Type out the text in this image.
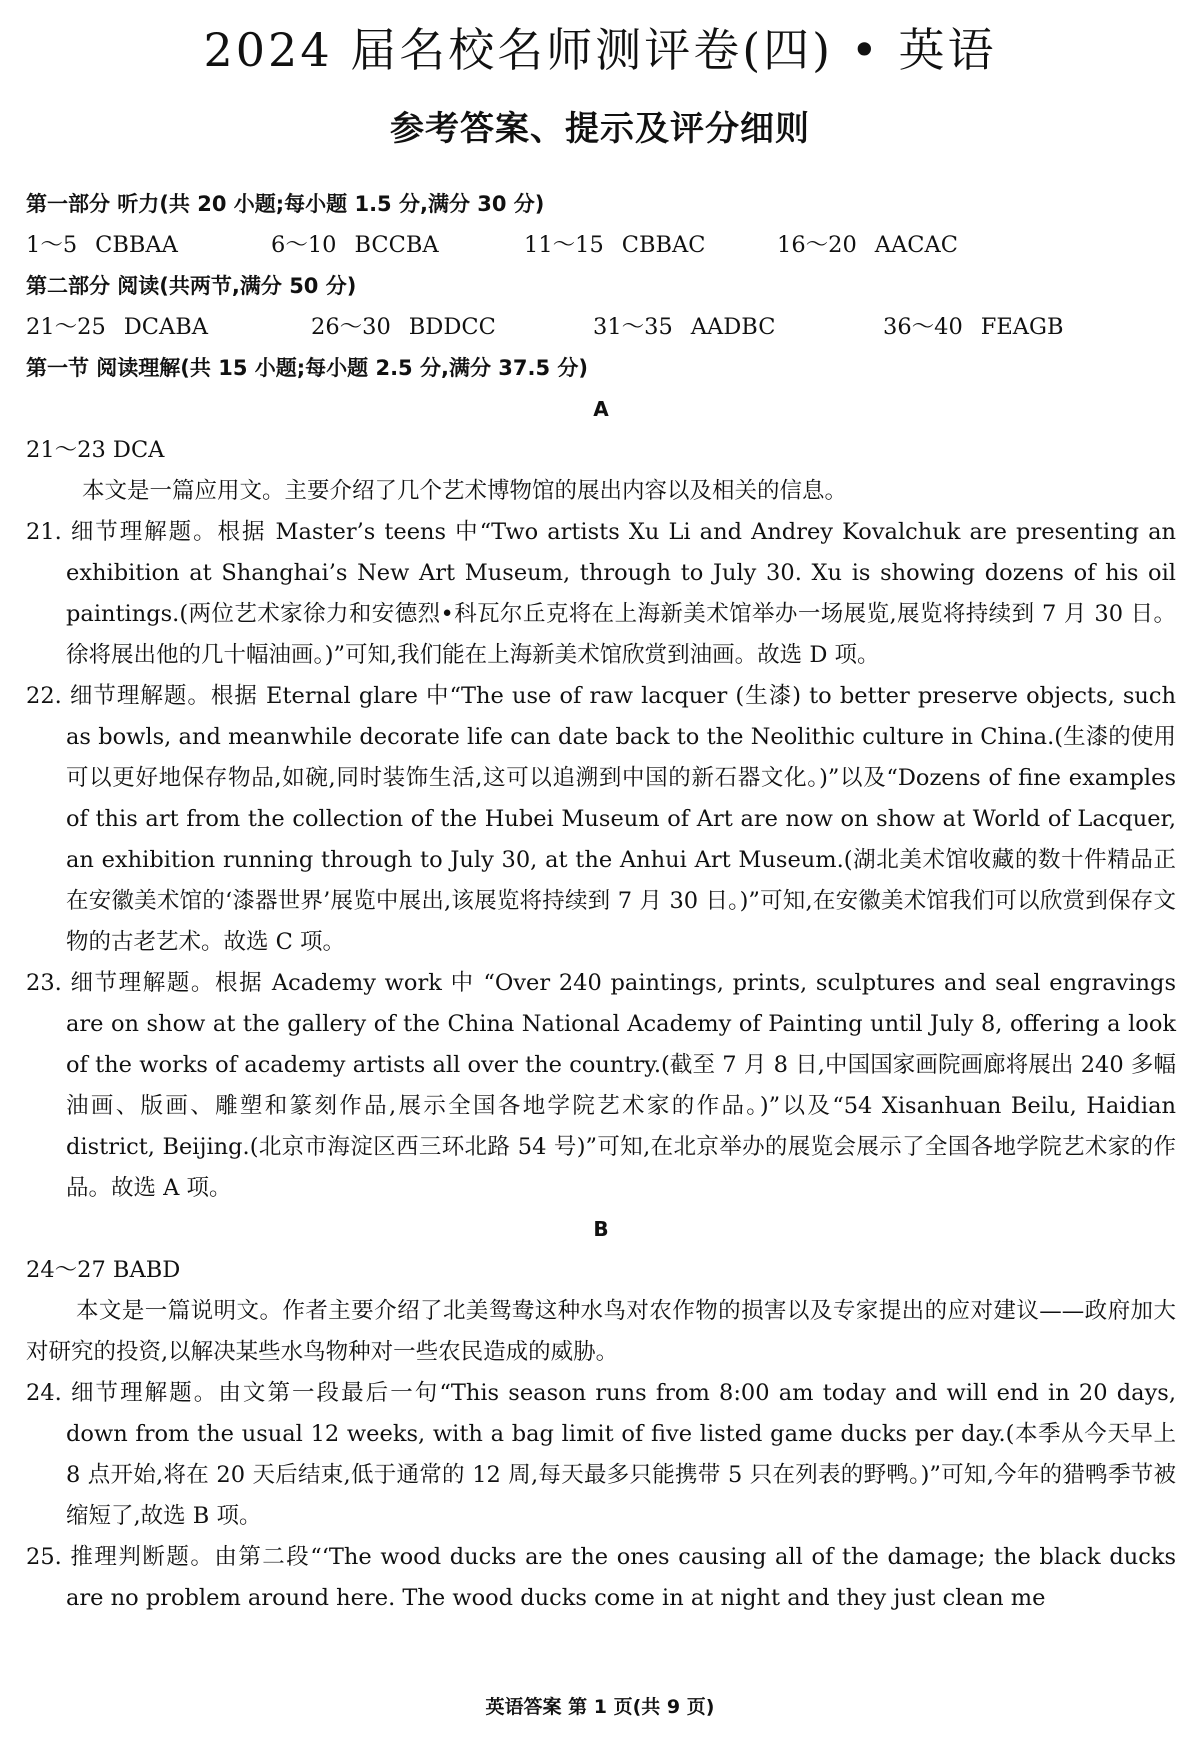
2024 届名校名师测评卷(四) • 英语
参考答案、提示及评分细则
第一部分 听力(共 20 小题;每小题 1.5 分,满分 30 分)
1～5 CBBAA	6～10 BCCBA	11～15 CBBAC	16～20 AACAC
第二部分 阅读(共两节,满分 50 分)
21～25 DCABA	26～30 BDDCC	31～35 AADBC	36～40 FEAGB
第一节 阅读理解(共 15 小题;每小题 2.5 分,满分 37.5 分)
A
21～23 DCA
本文是一篇应用文。主要介绍了几个艺术博物馆的展出内容以及相关的信息。
21. 细节理解题。根据 Master’s teens 中“Two artists Xu Li and Andrey Kovalchuk are presenting an exhibition at Shanghai’s New Art Museum, through to July 30. Xu is showing dozens of his oil paintings.(两位艺术家徐力和安德烈•科瓦尔丘克将在上海新美术馆举办一场展览,展览将持续到 7 月 30 日。徐将展出他的几十幅油画。)”可知,我们能在上海新美术馆欣赏到油画。故选 D 项。
22. 细节理解题。根据 Eternal glare 中“The use of raw lacquer (生漆) to better preserve objects, such as bowls, and meanwhile decorate life can date back to the Neolithic culture in China.(生漆的使用可以更好地保存物品,如碗,同时装饰生活,这可以追溯到中国的新石器文化。)”以及“Dozens of fine examples of this art from the collection of the Hubei Museum of Art are now on show at World of Lacquer, an exhibition running through to July 30, at the Anhui Art Museum.(湖北美术馆收藏的数十件精品正在安徽美术馆的‘漆器世界’展览中展出,该展览将持续到 7 月 30 日。)”可知,在安徽美术馆我们可以欣赏到保存文物的古老艺术。故选 C 项。
23. 细节理解题。根据 Academy work 中 “Over 240 paintings, prints, sculptures and seal engravings are on show at the gallery of the China National Academy of Painting until July 8, offering a look of the works of academy artists all over the country.(截至 7 月 8 日,中国国家画院画廊将展出 240 多幅油画、版画、雕塑和篆刻作品,展示全国各地学院艺术家的作品。)”以及“54 Xisanhuan Beilu, Haidian district, Beijing.(北京市海淀区西三环北路 54 号)”可知,在北京举办的展览会展示了全国各地学院艺术家的作品。故选 A 项。
B
24～27 BABD
本文是一篇说明文。作者主要介绍了北美鸳鸯这种水鸟对农作物的损害以及专家提出的应对建议——政府加大对研究的投资,以解决某些水鸟物种对一些农民造成的威胁。
24. 细节理解题。由文第一段最后一句“This season runs from 8:00 am today and will end in 20 days, down from the usual 12 weeks, with a bag limit of five listed game ducks per day.(本季从今天早上 8 点开始,将在 20 天后结束,低于通常的 12 周,每天最多只能携带 5 只在列表的野鸭。)”可知,今年的猎鸭季节被缩短了,故选 B 项。
25. 推理判断题。由第二段“‘The wood ducks are the ones causing all of the damage; the black ducks are no problem around here. The wood ducks come in at night and they just clean me
英语答案 第 1 页(共 9 页)
